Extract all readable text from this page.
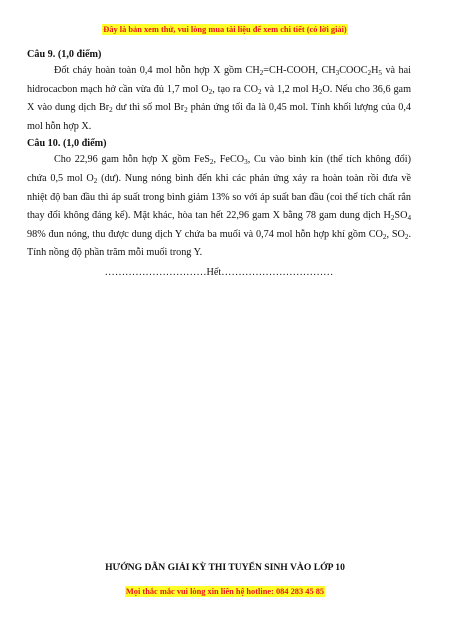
Đây là bản xem thử, vui lòng mua tài liệu để xem chi tiết (có lời giải)

Câu 9. (1,0 điểm)

Đốt cháy hoàn toàn 0,4 mol hỗn hợp X gồm $CH_2=CH$-COOH, $CH_3COOC_2H_5$ và hai hidrocacbon mạch hở cần vừa đủ 1,7 mol $O_2$, tạo ra $CO_2$ và 1,2 mol $H_2O$. Nếu cho 36,6 gam X vào dung dịch $Br_2$ dư thì số mol $Br_2$ phản ứng tối đa là 0,45 mol. Tính khối lượng của 0,4 mol hỗn hợp X.

Câu 10. (1,0 điểm)

Cho 22,96 gam hỗn hợp X gồm FeS$_2$, FeCO$_3$, Cu vào bình kín (thể tích không đổi) chứa 0,5 mol $O_2$ (dư). Nung nóng bình đến khi các phản ứng xảy ra hoàn toàn rồi đưa về nhiệt độ ban đầu thì áp suất trong bình giảm 13% so với áp suất ban đầu (coi thể tích chất rắn thay đổi không đáng kể). Mặt khác, hòa tan hết 22,96 gam X bằng 78 gam dung dịch $H_2SO_4$ 98% đun nóng, thu được dung dịch Y chứa ba muối và 0,74 mol hỗn hợp khí gồm $CO_2$, $SO_2$. Tính nồng độ phần trăm mỗi muối trong Y.

…………………………Hết……………………………
HƯỚNG DẪN GIẢI KỲ THI TUYỂN SINH VÀO LỚP 10
Mọi thắc mắc vui lòng xin liên hệ hotline: 084 283 45 85
